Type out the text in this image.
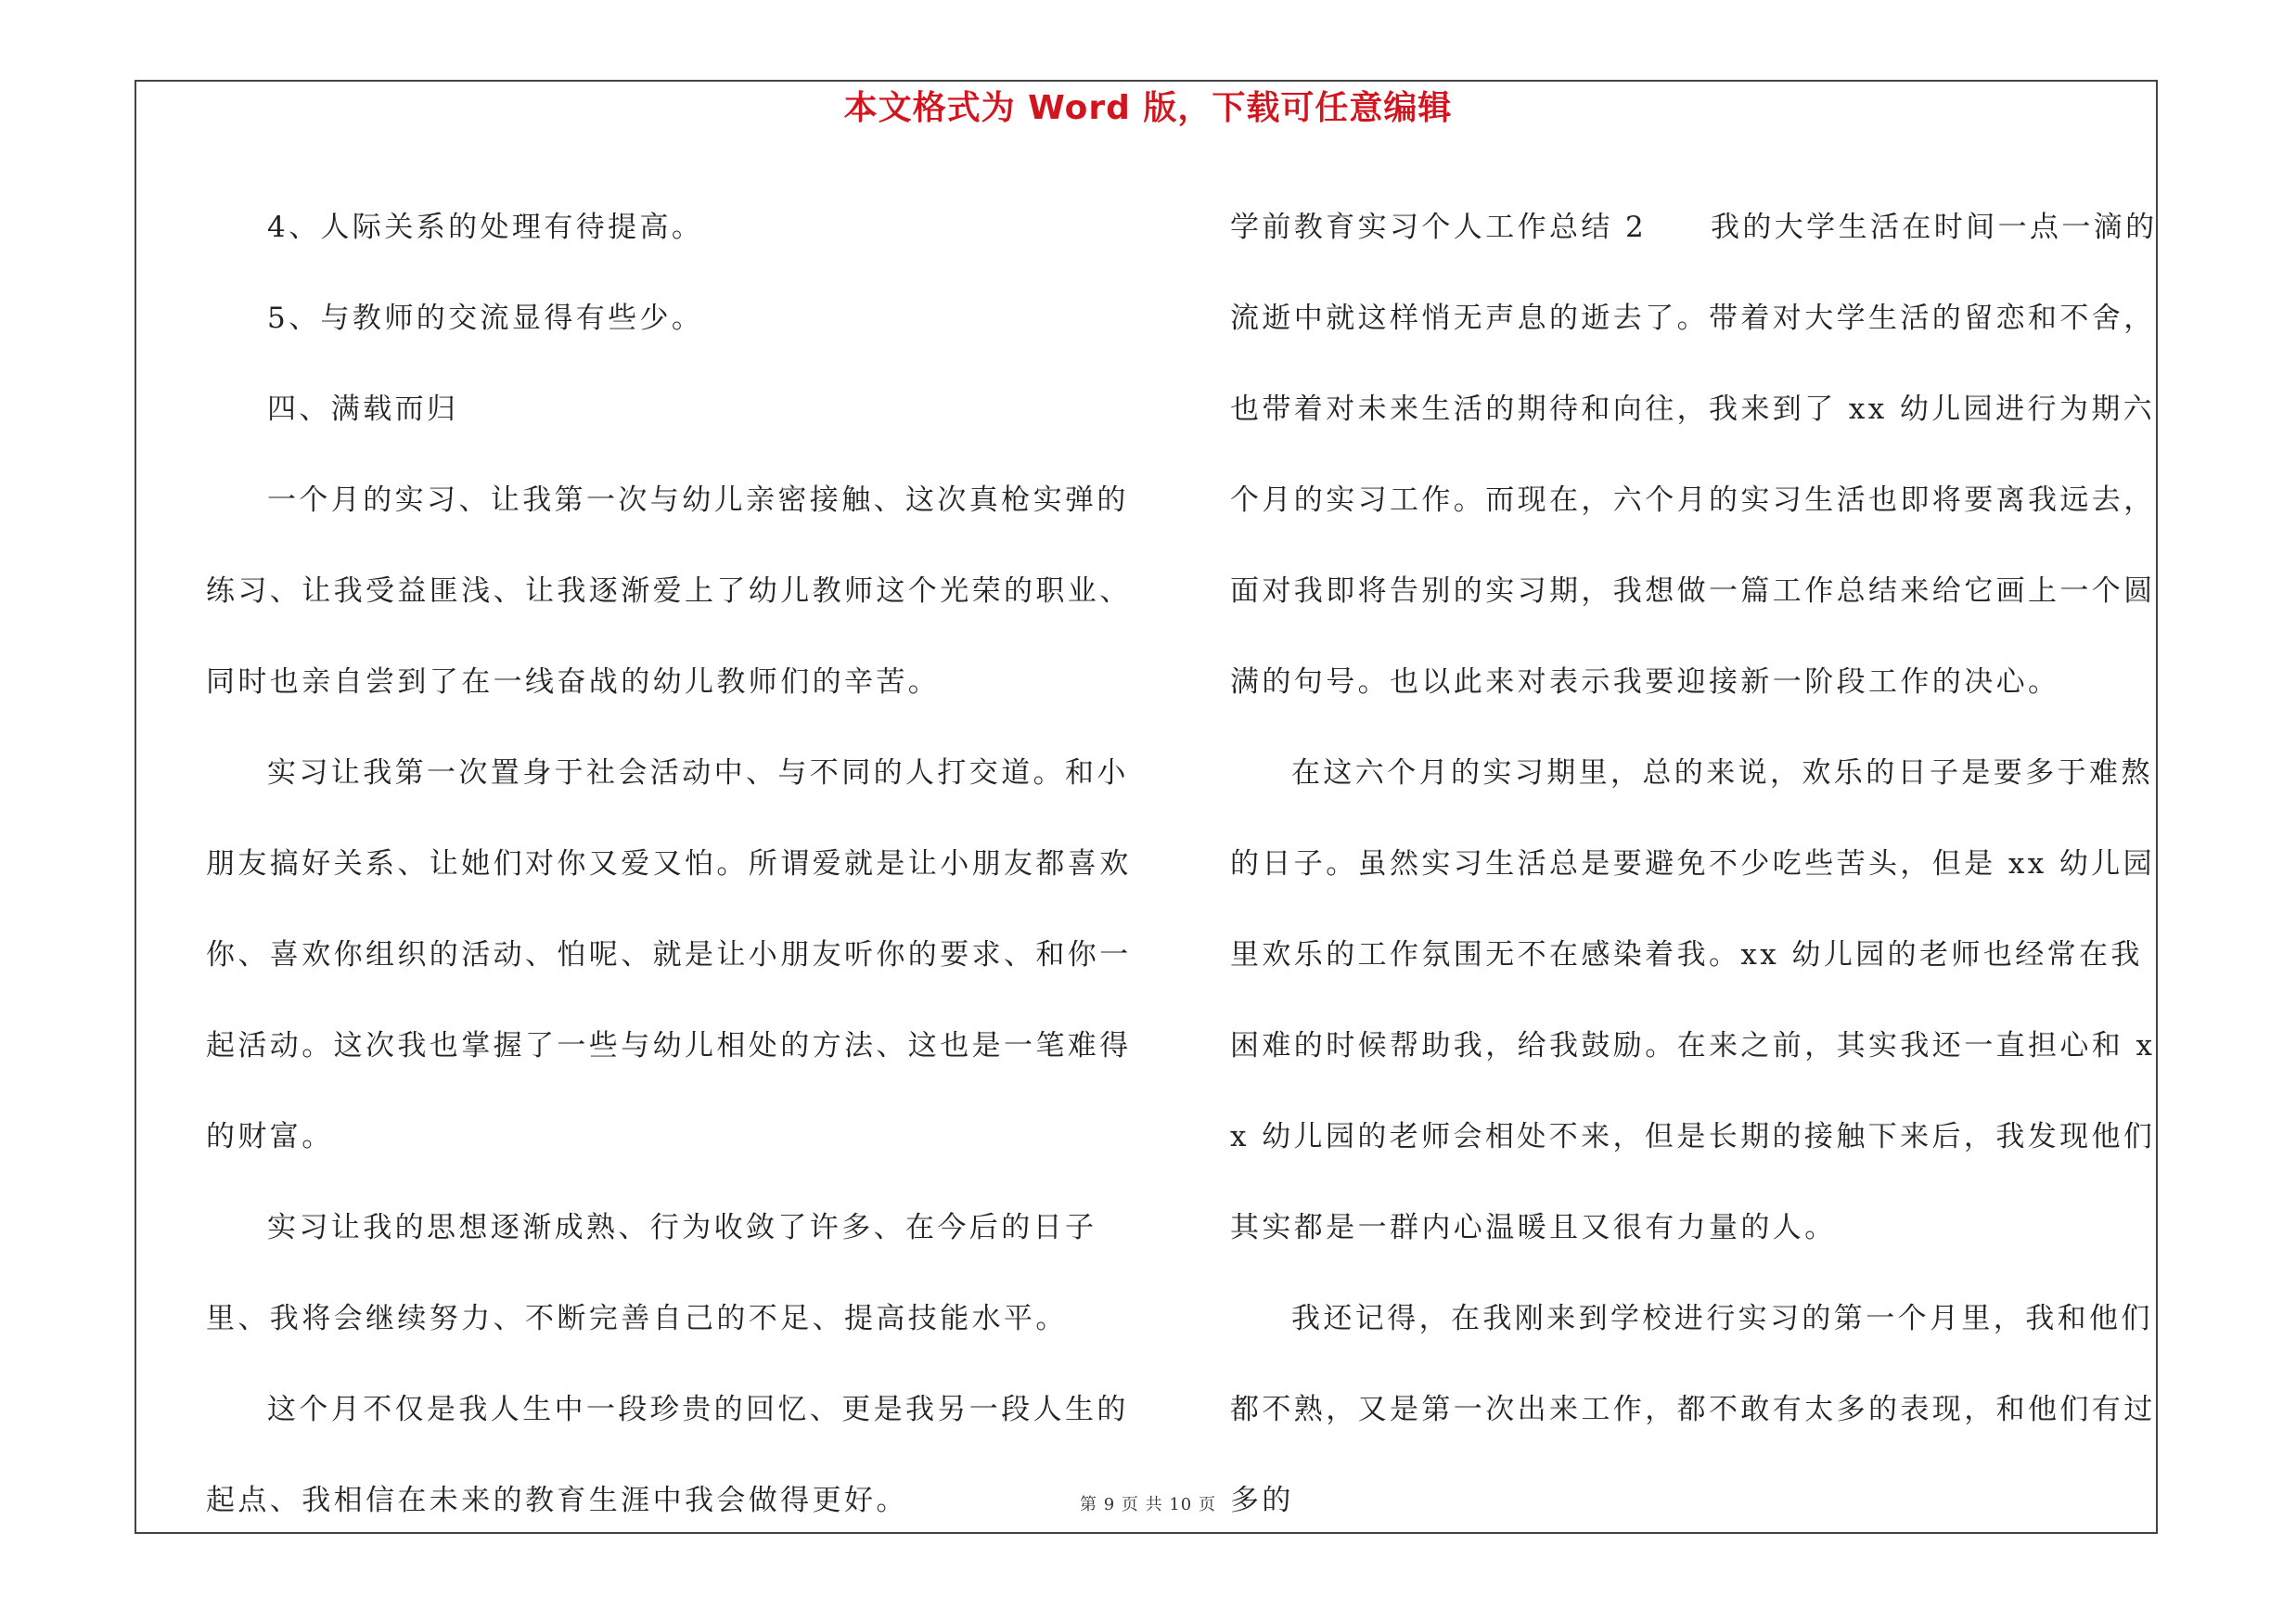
本文格式为 Word 版，下载可任意编辑

4、人际关系的处理有待提高。

5、与教师的交流显得有些少。

四、满载而归

一个月的实习、让我第一次与幼儿亲密接触、这次真枪实弹的练习、让我受益匪浅、让我逐渐爱上了幼儿教师这个光荣的职业、同时也亲自尝到了在一线奋战的幼儿教师们的辛苦。

实习让我第一次置身于社会活动中、与不同的人打交道。和小朋友搞好关系、让她们对你又爱又怕。所谓爱就是让小朋友都喜欢你、喜欢你组织的活动、怕呢、就是让小朋友听你的要求、和你一起活动。这次我也掌握了一些与幼儿相处的方法、这也是一笔难得的财富。

实习让我的思想逐渐成熟、行为收敛了许多、在今后的日子里、我将会继续努力、不断完善自己的不足、提高技能水平。

这个月不仅是我人生中一段珍贵的回忆、更是我另一段人生的起点、我相信在未来的教育生涯中我会做得更好。

学前教育实习个人工作总结 2　　我的大学生活在时间一点一滴的流逝中就这样悄无声息的逝去了。带着对大学生活的留恋和不舍，也带着对未来生活的期待和向往，我来到了 xx 幼儿园进行为期六个月的实习工作。而现在，六个月的实习生活也即将要离我远去，面对我即将告别的实习期，我想做一篇工作总结来给它画上一个圆满的句号。也以此来对表示我要迎接新一阶段工作的决心。

在这六个月的实习期里，总的来说，欢乐的日子是要多于难熬的日子。虽然实习生活总是要避免不少吃些苦头，但是 xx 幼儿园里欢乐的工作氛围无不在感染着我。xx 幼儿园的老师也经常在我困难的时候帮助我，给我鼓励。在来之前，其实我还一直担心和 xx 幼儿园的老师会相处不来，但是长期的接触下来后，我发现他们其实都是一群内心温暖且又很有力量的人。

我还记得，在我刚来到学校进行实习的第一个月里，我和他们都不熟，又是第一次出来工作，都不敢有太多的表现，和他们有过多的

第 9 页 共 10 页
